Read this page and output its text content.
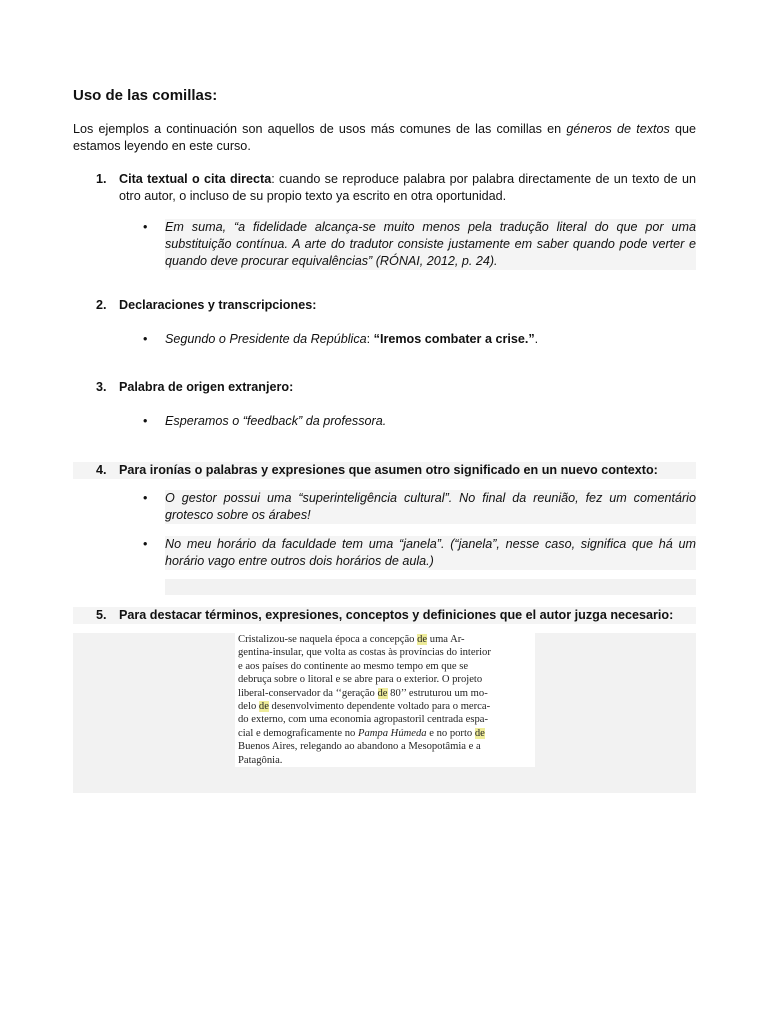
Uso de las comillas:
Los ejemplos a continuación son aquellos de usos más comunes de las comillas en géneros de textos que estamos leyendo en este curso.
1. Cita textual o cita directa: cuando se reproduce palabra por palabra directamente de un texto de un otro autor, o incluso de su propio texto ya escrito en otra oportunidad.
• Em suma, “a fidelidade alcança-se muito menos pela tradução literal do que por uma substituição contínua. A arte do tradutor consiste justamente em saber quando pode verter e quando deve procurar equivalências” (RÓNAI, 2012, p. 24).
2. Declaraciones y transcripciones:
• Segundo o Presidente da República: “Iremos combater a crise.”.
3. Palabra de origen extranjero:
• Esperamos o “feedback” da professora.
4. Para ironías o palabras y expresiones que asumen otro significado en un nuevo contexto:
• O gestor possui uma “superinteligência cultural”. No final da reunião, fez um comentário grotesco sobre os árabes!
• No meu horário da faculdade tem uma “janela”. (“janela”, nesse caso, significa que há um horário vago entre outros dois horários de aula.)
5. Para destacar términos, expresiones, conceptos y definiciones que el autor juzga necesario:
Cristalizou-se naquela época a concepção de uma Ar-
gentina-insular, que volta as costas às províncias do interior
e aos países do continente ao mesmo tempo em que se
debruça sobre o litoral e se abre para o exterior. O projeto
liberal-conservador da ‘‘geração de 80’’ estruturou um mo-
delo de desenvolvimento dependente voltado para o merca-
do externo, com uma economia agropastoril centrada espa-
cial e demograficamente no Pampa Húmeda e no porto de
Buenos Aires, relegando ao abandono a Mesopotâmia e a
Patagônia.
